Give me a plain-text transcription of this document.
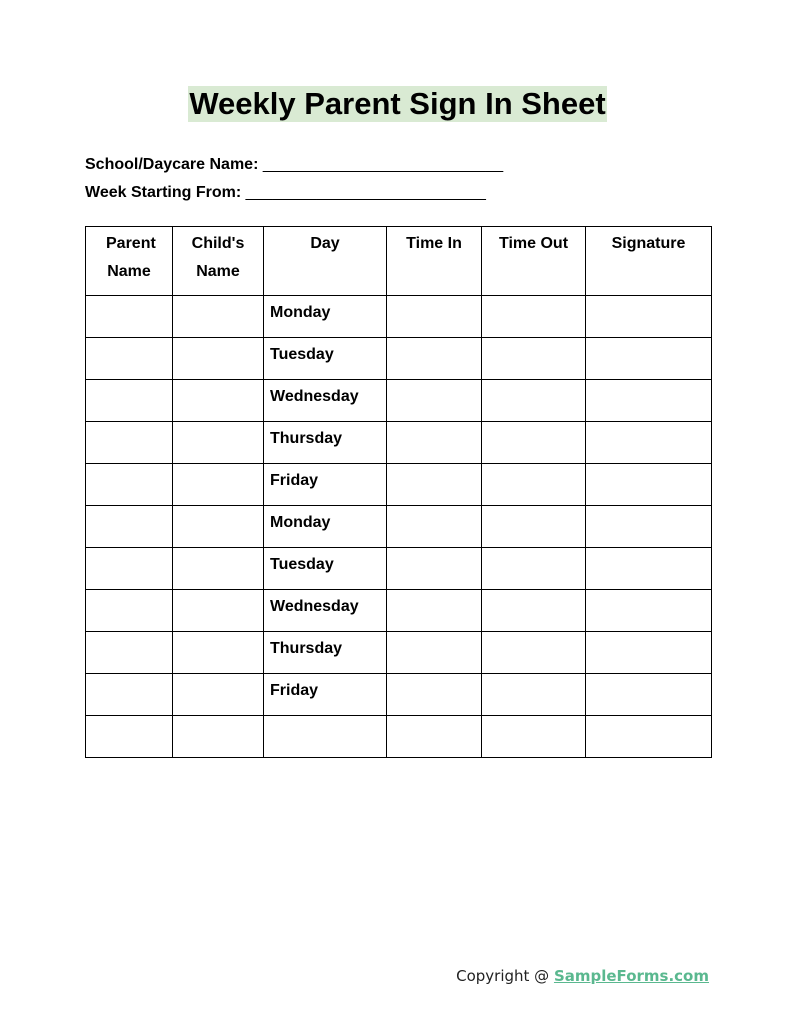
Weekly Parent Sign In Sheet
School/Daycare Name: ___________________________
Week Starting From: ___________________________
Parent Name	Child's Name	Day	Time In	Time Out	Signature
		Monday			
		Tuesday			
		Wednesday			
		Thursday			
		Friday			
		Monday			
		Tuesday			
		Wednesday			
		Thursday			
		Friday			

Copyright @ SampleForms.com
